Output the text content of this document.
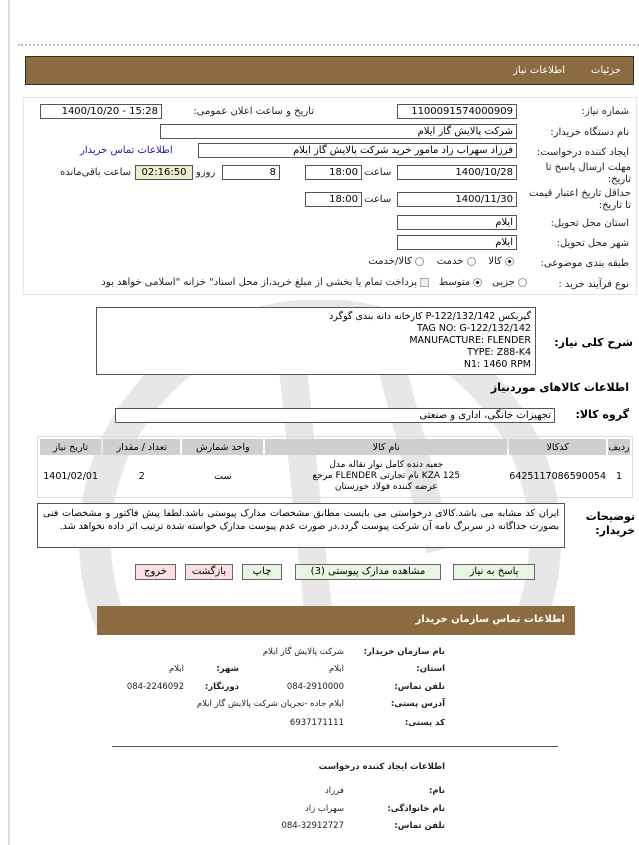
جزئیات
اطلاعات نیاز
شماره نیاز:
1100091574000909
تاریخ و ساعت اعلان عمومی:
1400/10/20 - 15:28
نام دستگاه خریدار:
شرکت پالایش گاز ایلام
ایجاد کننده درخواست:
فرزاد سهراب زاد مامور خرید شرکت پالایش گاز ایلام
اطلاعات تماس خریدار
مهلت ارسال پاسخ تا تاریخ:
1400/10/28
ساعت
18:00
8
روزو
02:16:50
ساعت باقی‌مانده
حداقل تاریخ اعتبار قیمت تا تاریخ:
1400/11/30
ساعت
18:00
استان محل تحویل:
ایلام
شهر محل تحویل:
ایلام
طبقه بندی موضوعی:
کالا     خدمت     کالا/خدمت
نوع فرآیند خرید :
جزیی    متوسط    پرداخت تمام یا بخشی از مبلغ خرید،از محل اسناد" خزانه "اسلامی خواهد بود
شرح کلی نیاز:
گیربکس P-122/132/142 کارخانه دانه بندی گوگرد
TAG NO: G-122/132/142
MANUFACTURE: FLENDER
TYPE: Z88-K4
N1: 1460 RPM
اطلاعات کالاهای موردنیاز
گروه کالا:
تجهیزات خانگی، اداری و صنعتی
ردیف	کدکالا	نام کالا	واحد شمارش	تعداد / مقدار	تاریخ نیاز
1	6425117086590054	جعبه دنده کامل نوار نقاله مدل
KZA 125 نام تجارتی FLENDER مرجع
عرضه کننده فولاد خوزستان	ست	2	1401/02/01
توضیحات خریدار:
ایران کد مشابه می باشد.کالای درخواستی می بایست مطابق مشخصات مدارک پیوستی باشد.لطفا پیش فاکتور و مشخصات فنی بصورت جداگانه در سربرگ نامه آن شرکت پیوست گردد.در صورت عدم پیوست مدارک خواسته شده ترتیب اثر داده نخواهد شد.
پاسخ به نیاز
مشاهده مدارک پیوستی (3)
چاپ
بازگشت
خروج
اطلاعات تماس سازمان خریدار
نام سازمان خریدار:
شرکت پالایش گاز ایلام
استان:
ایلام
شهر:
ایلام
تلفن تماس:
084-2910000
دورنگار:
084-2246092
آدرس پستی:
ایلام جاده -تجریان شرکت پالایش گاز ایلام
کد پستی:
6937171111
اطلاعات ایجاد کننده درخواست
نام:
فرزاد
نام خانوادگی:
سهراب زاد
تلفن تماس:
084-32912727
